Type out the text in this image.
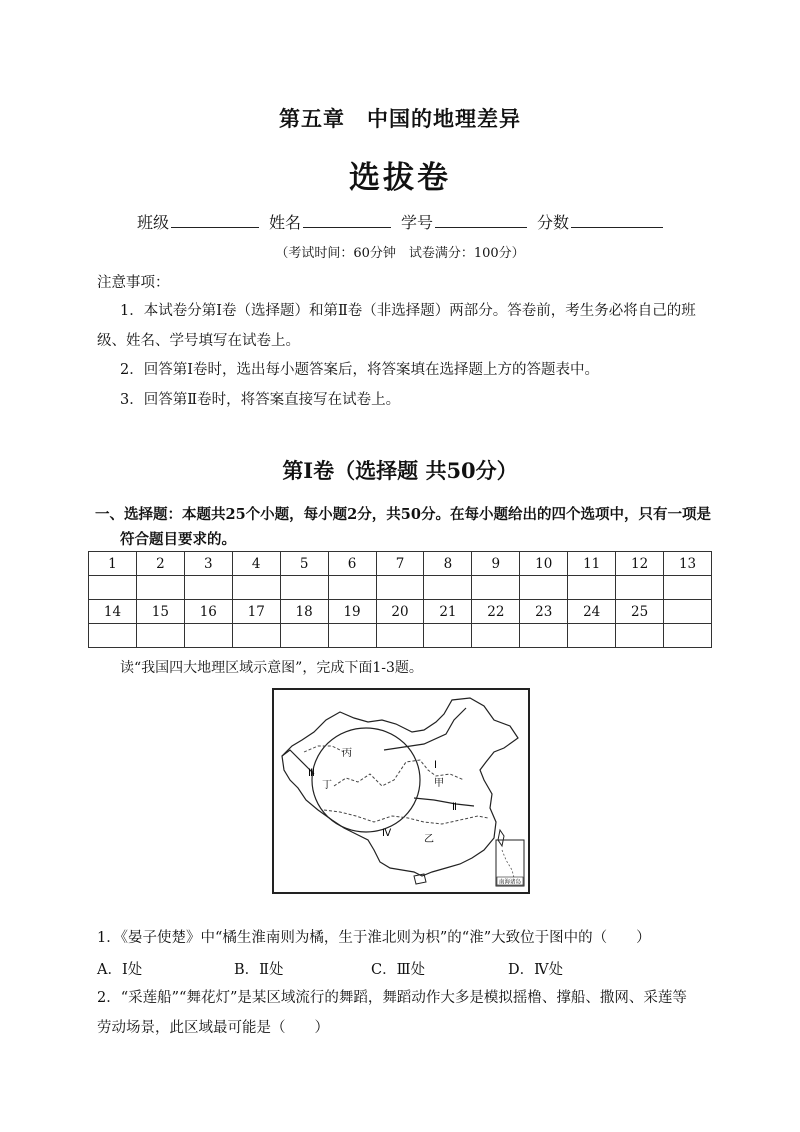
第五章 中国的地理差异
选拔卷
班级	姓名	学号	分数
（考试时间：60分钟　试卷满分：100分）
注意事项：
1．本试卷分第Ⅰ卷（选择题）和第Ⅱ卷（非选择题）两部分。答卷前，考生务必将自己的班
级、姓名、学号填写在试卷上。
2．回答第Ⅰ卷时，选出每小题答案后，将答案填在选择题上方的答题表中。
3．回答第Ⅱ卷时，将答案直接写在试卷上。
第Ⅰ卷（选择题 共50分）
一、选择题：本题共25个小题，每小题2分，共50分。在每小题给出的四个选项中，只有一项是
符合题目要求的。
1	2	3	4	5	6	7	8	9	10	11	12	13

14	15	16	17	18	19	20	21	22	23	24	25	

读“我国四大地理区域示意图”，完成下面1-3题。
丙
甲
丁
乙
Ⅰ
Ⅱ
Ⅲ
Ⅳ
南海诸岛
1．《晏子使楚》中“橘生淮南则为橘，生于淮北则为枳”的“淮”大致位于图中的（　　）
A．Ⅰ处	B．Ⅱ处	C．Ⅲ处	D．Ⅳ处
2．“采莲船”“舞花灯”是某区域流行的舞蹈，舞蹈动作大多是模拟摇橹、撑船、撒网、采莲等
劳动场景，此区域最可能是（　　）
